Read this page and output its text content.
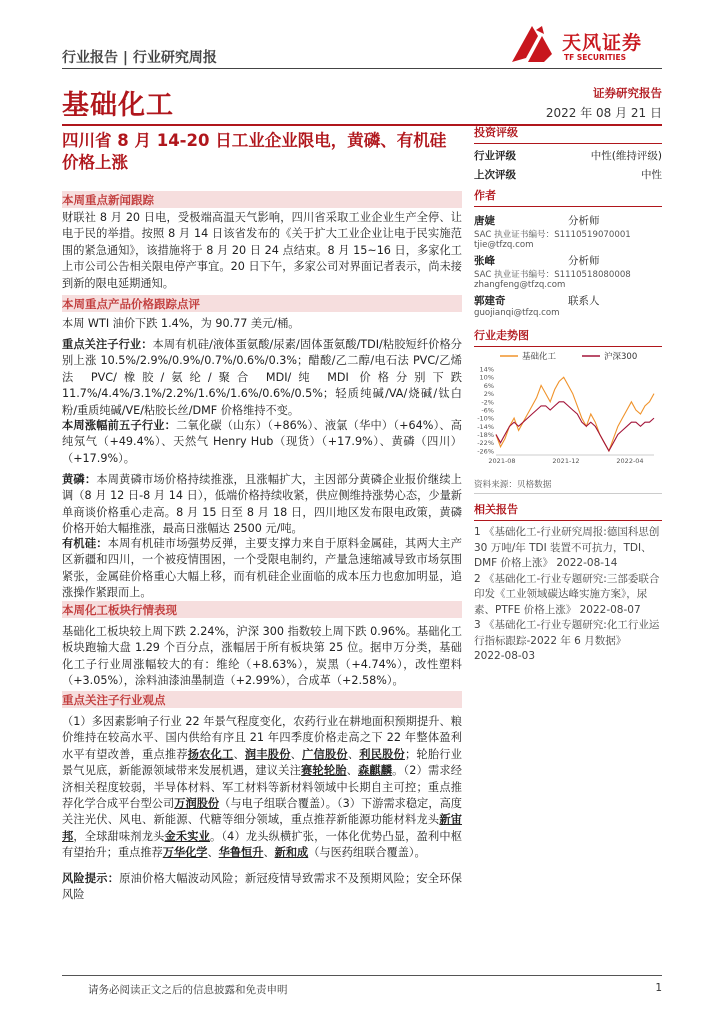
行业报告 | 行业研究周报
天风证券
TF SECURITIES
基础化工	证券研究报告
2022 年 08 月 21 日
四川省 8 月 14-20 日工业企业限电，黄磷、有机硅价格上涨
本周重点新闻跟踪
财联社 8 月 20 日电，受极端高温天气影响，四川省采取工业企业生产全停、让电于民的举措。按照 8 月 14 日该省发布的《关于扩大工业企业让电于民实施范围的紧急通知》，该措施将于 8 月 20 日 24 点结束。8 月 15~16 日，多家化工上市公司公告相关限电停产事宜。20 日下午，多家公司对界面记者表示，尚未接到新的限电延期通知。
本周重点产品价格跟踪点评
本周 WTI 油价下跌 1.4%，为 90.77 美元/桶。
重点关注子行业：本周有机硅/液体蛋氨酸/尿素/固体蛋氨酸/TDI/粘胶短纤价格分别上涨 10.5%/2.9%/0.9%/0.7%/0.6%/0.3%；醋酸/乙二醇/电石法 PVC/乙烯法 PVC/橡胶/氨纶/聚合 MDI/纯 MDI 价格分别下跌 11.7%/4.4%/3.1%/2.2%/1.6%/1.6%/0.6%/0.5%；轻质纯碱/VA/烧碱/钛白粉/重质纯碱/VE/粘胶长丝/DMF 价格维持不变。
本周涨幅前五子行业：二氧化碳（山东）（+86%）、液氯（华中）（+64%）、高纯氖气（+49.4%）、天然气 Henry Hub（现货）（+17.9%）、黄磷（四川）（+17.9%）。
黄磷：本周黄磷市场价格持续推涨，且涨幅扩大，主因部分黄磷企业报价继续上调（8 月 12 日-8 月 14 日），低端价格持续收紧，供应侧维持涨势心态，少量新单商谈价格重心走高。8 月 15 日至 8 月 18 日，四川地区发布限电政策，黄磷价格开始大幅推涨，最高日涨幅达 2500 元/吨。
有机硅：本周有机硅市场强势反弹，主要支撑力来自于原料金属硅，其两大主产区新疆和四川，一个被疫情围困，一个受限电制约，产量急速缩减导致市场氛围紧张，金属硅价格重心大幅上移，而有机硅企业面临的成本压力也愈加明显，追涨操作紧跟而上。
本周化工板块行情表现
基础化工板块较上周下跌 2.24%，沪深 300 指数较上周下跌 0.96%。基础化工板块跑输大盘 1.29 个百分点，涨幅居于所有板块第 25 位。据申万分类，基础化工子行业周涨幅较大的有：维纶（+8.63%），炭黑（+4.74%），改性塑料（+3.05%），涂料油漆油墨制造（+2.99%），合成革（+2.58%）。
重点关注子行业观点
（1）多因素影响子行业 22 年景气程度变化，农药行业在耕地面积预期提升、粮价维持在较高水平、国内供给有序且 21 年四季度价格走高之下 22 年整体盈利水平有望改善，重点推荐扬农化工、润丰股份、广信股份、利民股份；轮胎行业景气见底，新能源领域带来发展机遇，建议关注赛轮轮胎、森麒麟。（2）需求经济相关程度较弱，半导体材料、军工材料等新材料领域中长期自主可控；重点推荐化学合成平台型公司万润股份（与电子组联合覆盖）。（3）下游需求稳定，高度关注光伏、风电、新能源、代糖等细分领域，重点推荐新能源功能材料龙头新宙邦，全球甜味剂龙头金禾实业。（4）龙头纵横扩张，一体化优势凸显，盈利中枢有望抬升；重点推荐万华化学、华鲁恒升、新和成（与医药组联合覆盖）。
风险提示：原油价格大幅波动风险；新冠疫情导致需求不及预期风险；安全环保风险
投资评级
行业评级	中性(维持评级)
上次评级	中性
作者
唐婕	分析师
SAC 执业证书编号：S1110519070001
tjie@tfzq.com
张峰	分析师
SAC 执业证书编号：S1110518080008
zhangfeng@tfzq.com
郭建奇	联系人
guojianqi@tfzq.com
行业走势图
基础化工	沪深300
14%
10%
6%
2%
-2%
-6%
-10%
-14%
-18%
-22%
-26%
2021-08	2021-12	2022-04
资料来源：贝格数据
相关报告
1 《基础化工-行业研究周报:德国科思创 30 万吨/年 TDI 装置不可抗力，TDI、DMF 价格上涨》 2022-08-14
2 《基础化工-行业专题研究:三部委联合印发《工业领域碳达峰实施方案》，尿素、PTFE 价格上涨》 2022-08-07
3 《基础化工-行业专题研究:化工行业运行指标跟踪-2022 年 6 月数据》
2022-08-03
请务必阅读正文之后的信息披露和免责申明	1
